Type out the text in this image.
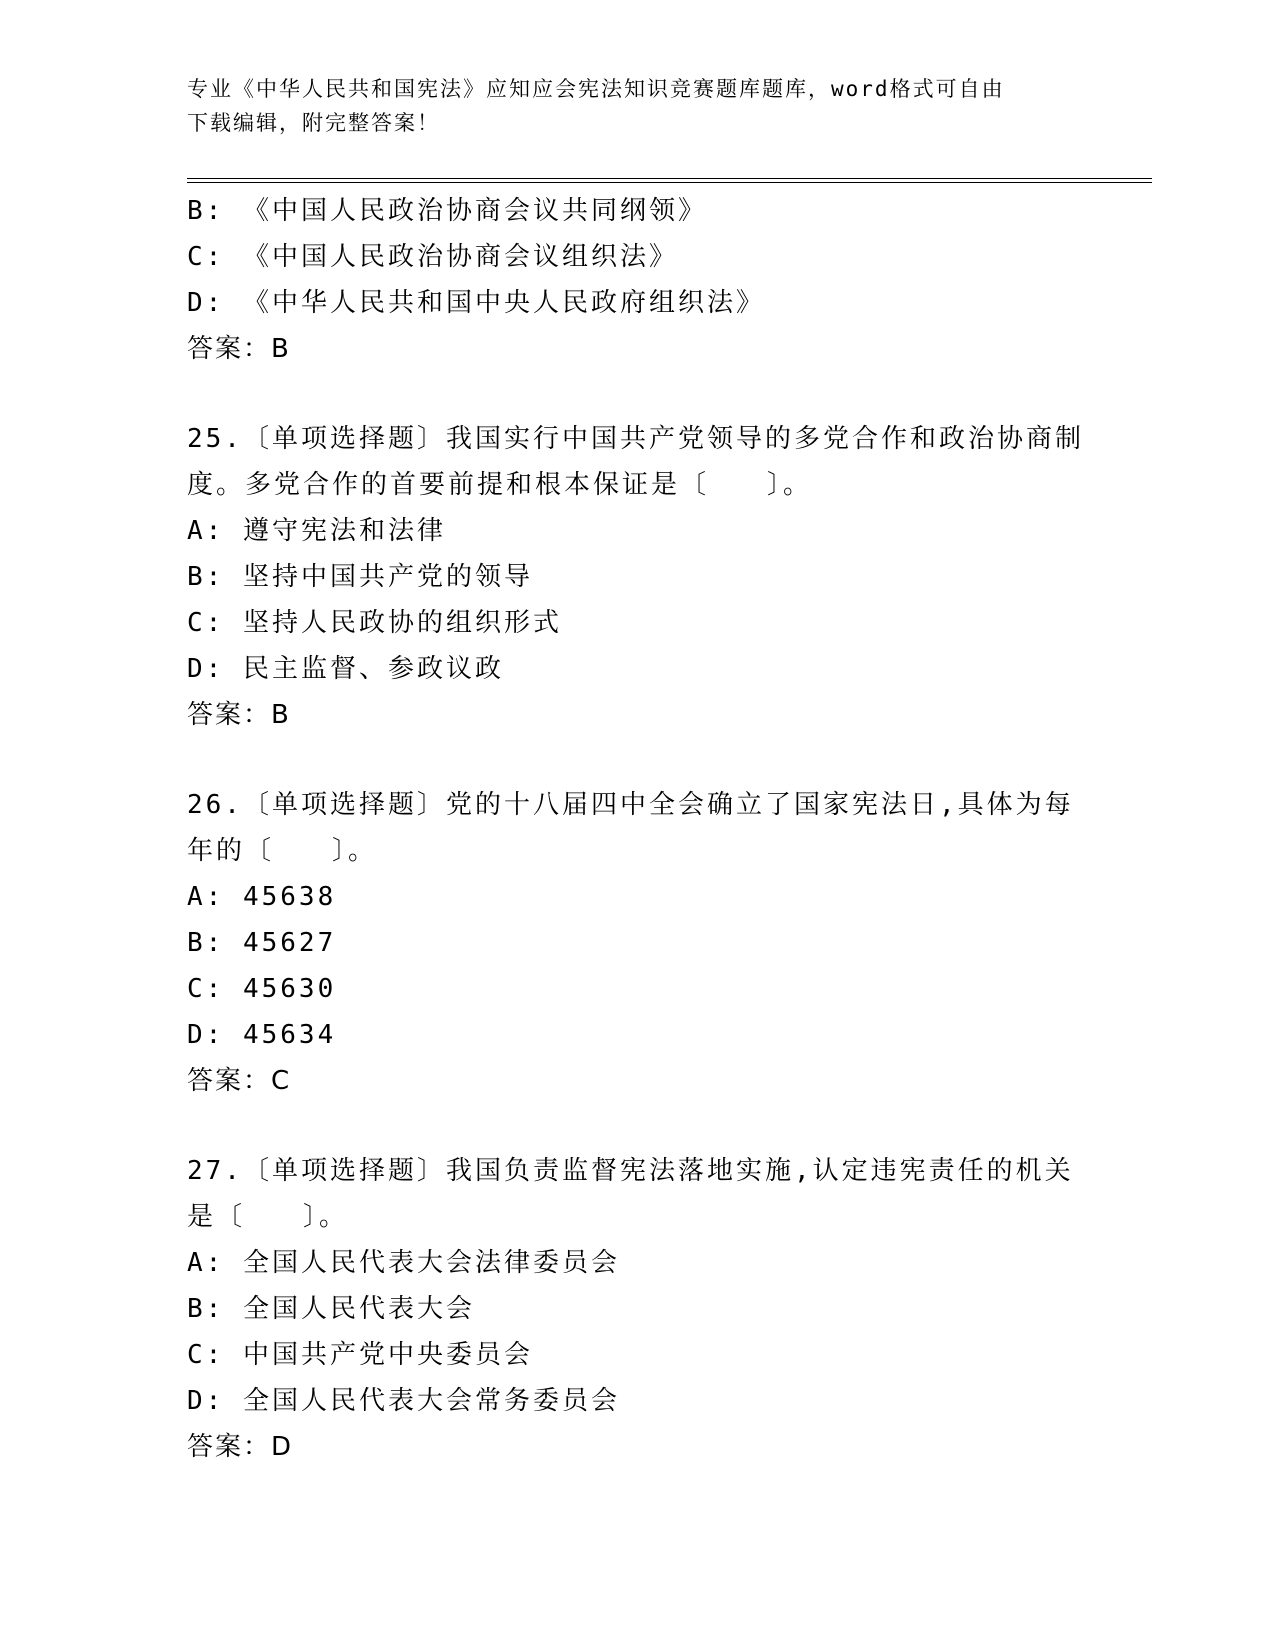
专业《中华人民共和国宪法》应知应会宪法知识竞赛题库题库，word格式可自由
下载编辑，附完整答案！
B: 《中国人民政治协商会议共同纲领》
C: 《中国人民政治协商会议组织法》
D: 《中华人民共和国中央人民政府组织法》
答案：B
25.〔单项选择题〕我国实行中国共产党领导的多党合作和政治协商制
度。多党合作的首要前提和根本保证是〔　　〕。
A: 遵守宪法和法律
B: 坚持中国共产党的领导
C: 坚持人民政协的组织形式
D: 民主监督、参政议政
答案：B
26.〔单项选择题〕党的十八届四中全会确立了国家宪法日,具体为每
年的〔　　〕。
A: 45638
B: 45627
C: 45630
D: 45634
答案：C
27.〔单项选择题〕我国负责监督宪法落地实施,认定违宪责任的机关
是〔　　〕。
A: 全国人民代表大会法律委员会
B: 全国人民代表大会
C: 中国共产党中央委员会
D: 全国人民代表大会常务委员会
答案：D
